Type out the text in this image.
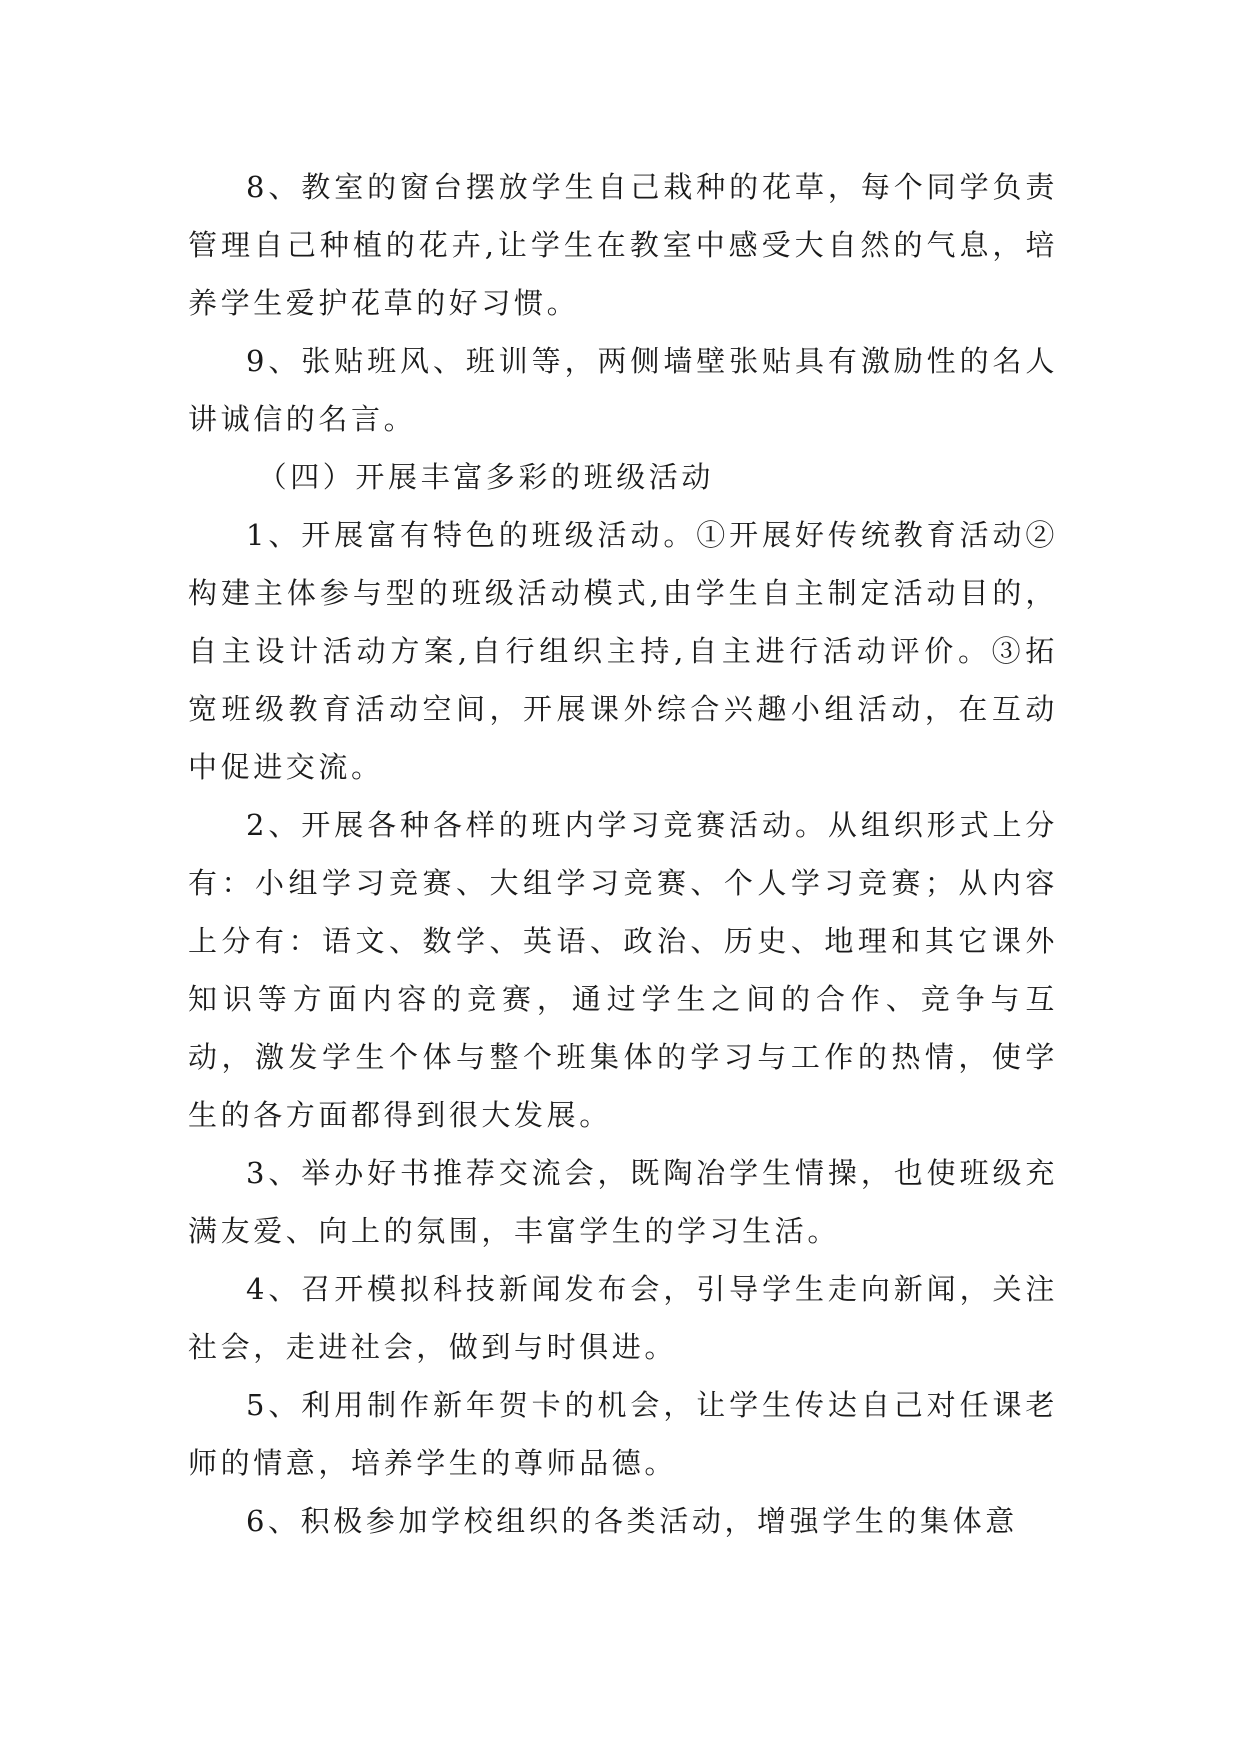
8、教室的窗台摆放学生自己栽种的花草，每个同学负责管理自己种植的花卉,让学生在教室中感受大自然的气息，培养学生爱护花草的好习惯。

9、张贴班风、班训等，两侧墙壁张贴具有激励性的名人讲诚信的名言。

（四）开展丰富多彩的班级活动

1、开展富有特色的班级活动。①开展好传统教育活动②构建主体参与型的班级活动模式,由学生自主制定活动目的，自主设计活动方案,自行组织主持,自主进行活动评价。③拓宽班级教育活动空间，开展课外综合兴趣小组活动，在互动中促进交流。

2、开展各种各样的班内学习竞赛活动。从组织形式上分有：小组学习竞赛、大组学习竞赛、个人学习竞赛；从内容上分有：语文、数学、英语、政治、历史、地理和其它课外知识等方面内容的竞赛，通过学生之间的合作、竞争与互动，激发学生个体与整个班集体的学习与工作的热情，使学生的各方面都得到很大发展。

3、举办好书推荐交流会，既陶冶学生情操，也使班级充满友爱、向上的氛围，丰富学生的学习生活。

4、召开模拟科技新闻发布会，引导学生走向新闻，关注社会，走进社会，做到与时俱进。

5、利用制作新年贺卡的机会，让学生传达自己对任课老师的情意，培养学生的尊师品德。

6、积极参加学校组织的各类活动，增强学生的集体意
